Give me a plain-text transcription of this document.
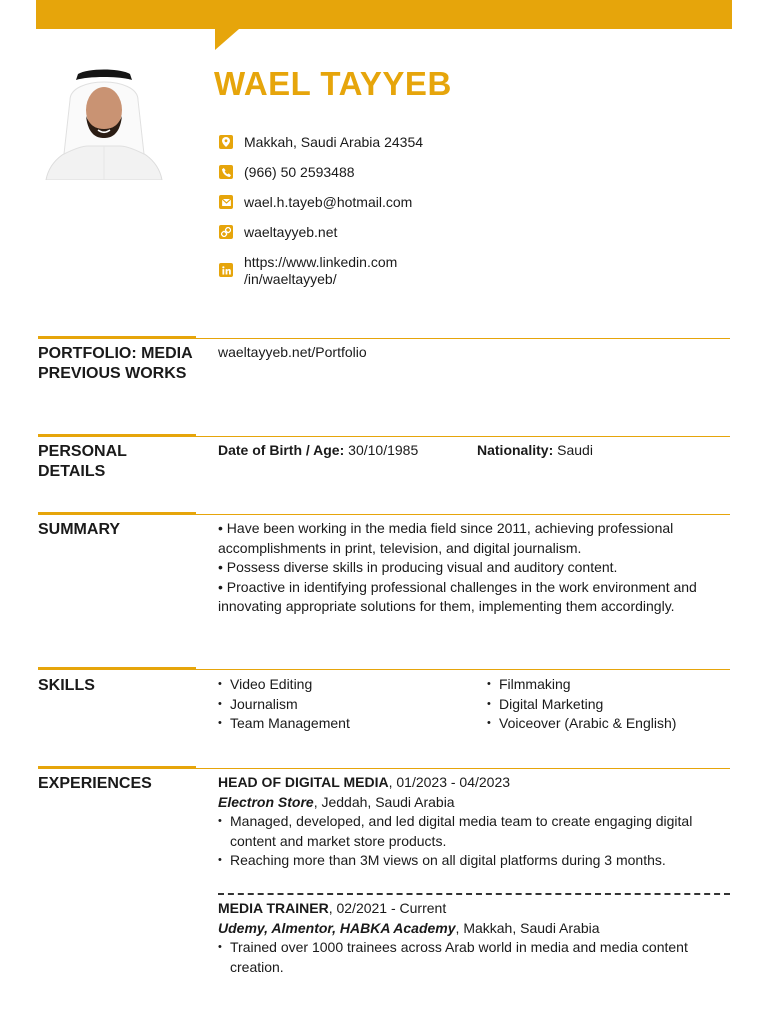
WAEL TAYYEB
Makkah, Saudi Arabia 24354
(966) 50 2593488
wael.h.tayeb@hotmail.com
waeltayyeb.net
https://www.linkedin.com
/in/waeltayyeb/
PORTFOLIO: MEDIA PREVIOUS WORKS
waeltayyeb.net/Portfolio
PERSONAL DETAILS
Date of Birth / Age: 30/10/1985	Nationality: Saudi
SUMMARY	• Have been working in the media field since 2011, achieving professional accomplishments in print, television, and digital journalism.
• Possess diverse skills in producing visual and auditory content.
• Proactive in identifying professional challenges in the work environment and innovating appropriate solutions for them, implementing them accordingly.
SKILLS
•	Video Editing
• Journalism
• Team Management
• Filmmaking
• Digital Marketing
• Voiceover (Arabic & English)
EXPERIENCES	HEAD OF DIGITAL MEDIA, 01/2023 - 04/2023
Electron Store, Jeddah, Saudi Arabia
• Managed, developed, and led digital media team to create engaging digital content and market store products.
• Reaching more than 3M views on all digital platforms during 3 months.
MEDIA TRAINER, 02/2021 - Current
Udemy, Almentor, HABKA Academy, Makkah, Saudi Arabia
• Trained over 1000 trainees across Arab world in media and media content creation.
